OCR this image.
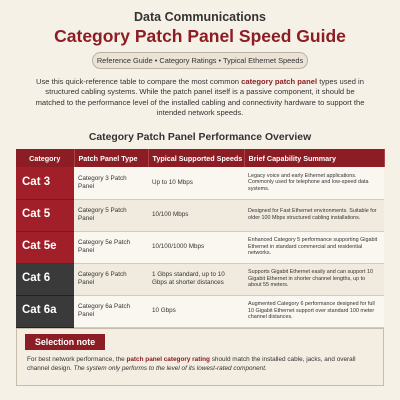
Data Communications
Category Patch Panel Speed Guide
Reference Guide • Category Ratings • Typical Ethernet Speeds

Use this quick-reference table to compare the most common category patch panel types used in structured cabling systems. While the patch panel itself is a passive component, it should be matched to the performance level of the installed cabling and connectivity hardware to support the intended network speeds.

Category Patch Panel Performance Overview
Category	Patch Panel Type	Typical Supported Speeds	Brief Capability Summary
Cat 3	Category 3 Patch Panel	Up to 10 Mbps	Legacy voice and early Ethernet applications. Commonly used for telephone and low-speed data systems.
Cat 5	Category 5 Patch Panel	10/100 Mbps	Designed for Fast Ethernet environments. Suitable for older 100 Mbps structured cabling installations.
Cat 5e	Category 5e Patch Panel	10/100/1000 Mbps	Enhanced Category 5 performance supporting Gigabit Ethernet in standard commercial and residential networks.
Cat 6	Category 6 Patch Panel	1 Gbps standard, up to 10 Gbps at shorter distances	Supports Gigabit Ethernet easily and can support 10 Gigabit Ethernet in shorter channel lengths, up to about 55 meters.
Cat 6a	Category 6a Patch Panel	10 Gbps	Augmented Category 6 performance designed for full 10 Gigabit Ethernet support over standard 100 meter channel distances.
Selection note

For best network performance, the patch panel category rating should match the installed cable, jacks, and overall channel design. The system only performs to the level of its lowest-rated component.
